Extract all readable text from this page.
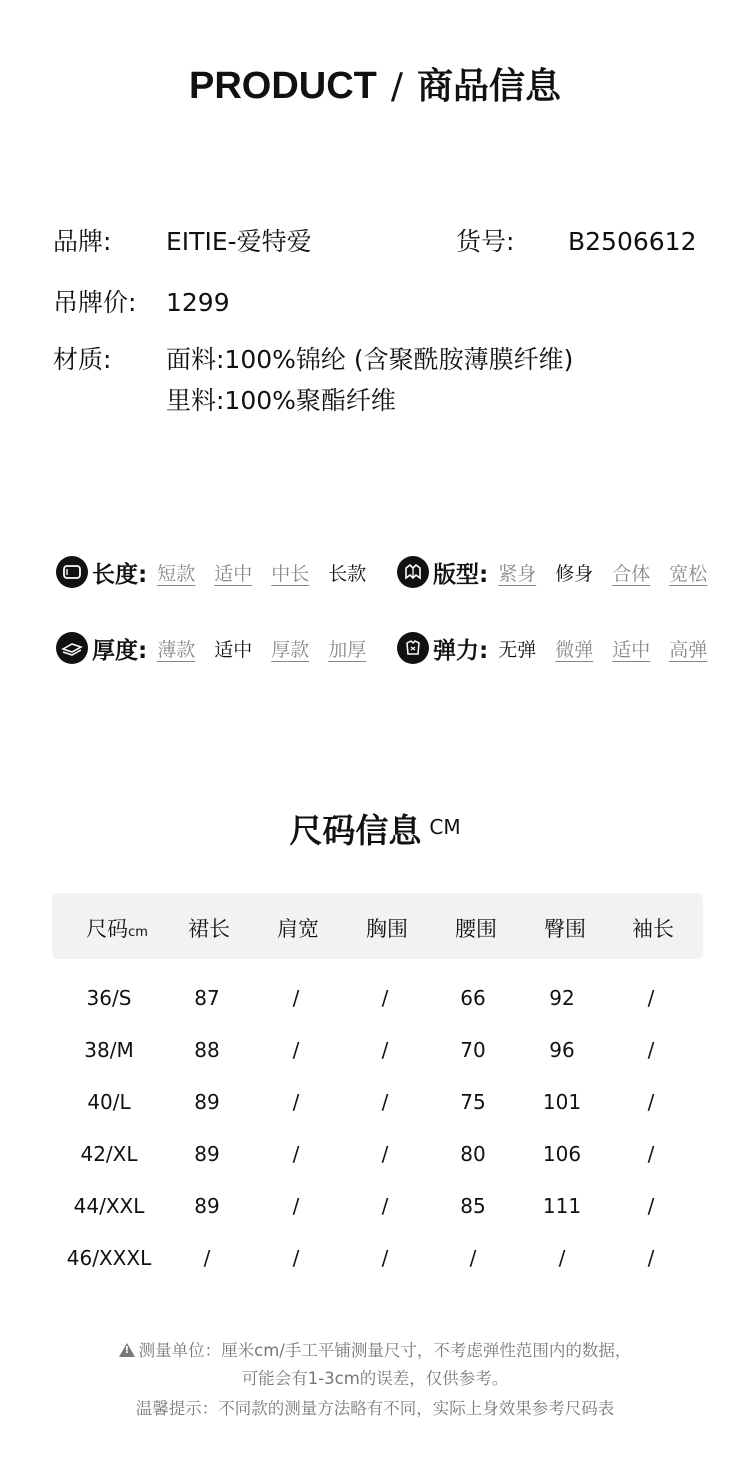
PRODUCT / 商品信息
品牌: EITIE-爱特爱	货号: B2506612
吊牌价: 1299
材质: 面料:100%锦纶 (含聚酰胺薄膜纤维)
里料:100%聚酯纤维
长度: 短款 适中 中长 长款	版型: 紧身 修身 合体 宽松
厚度: 薄款 适中 厚款 加厚	弹力: 无弹 微弹 适中 高弹
尺码信息 $^{CM}$
尺码cm 裙长 肩宽 胸围 腰围 臀围 袖长
36/S	87	/	/	66	92	/
38/M	88	/	/	70	96	/
40/L	89	/	/	75	101	/
42/XL	89	/	/	80	106	/
44/XXL 89	/	/	85	111	/
46/XXXL	/	/	/	/	/	/
!测量单位：厘米cm/手工平铺测量尺寸，不考虑弹性范围内的数据，
可能会有1-3cm的误差，仅供参考。
温馨提示：不同款的测量方法略有不同，实际上身效果参考尺码表
